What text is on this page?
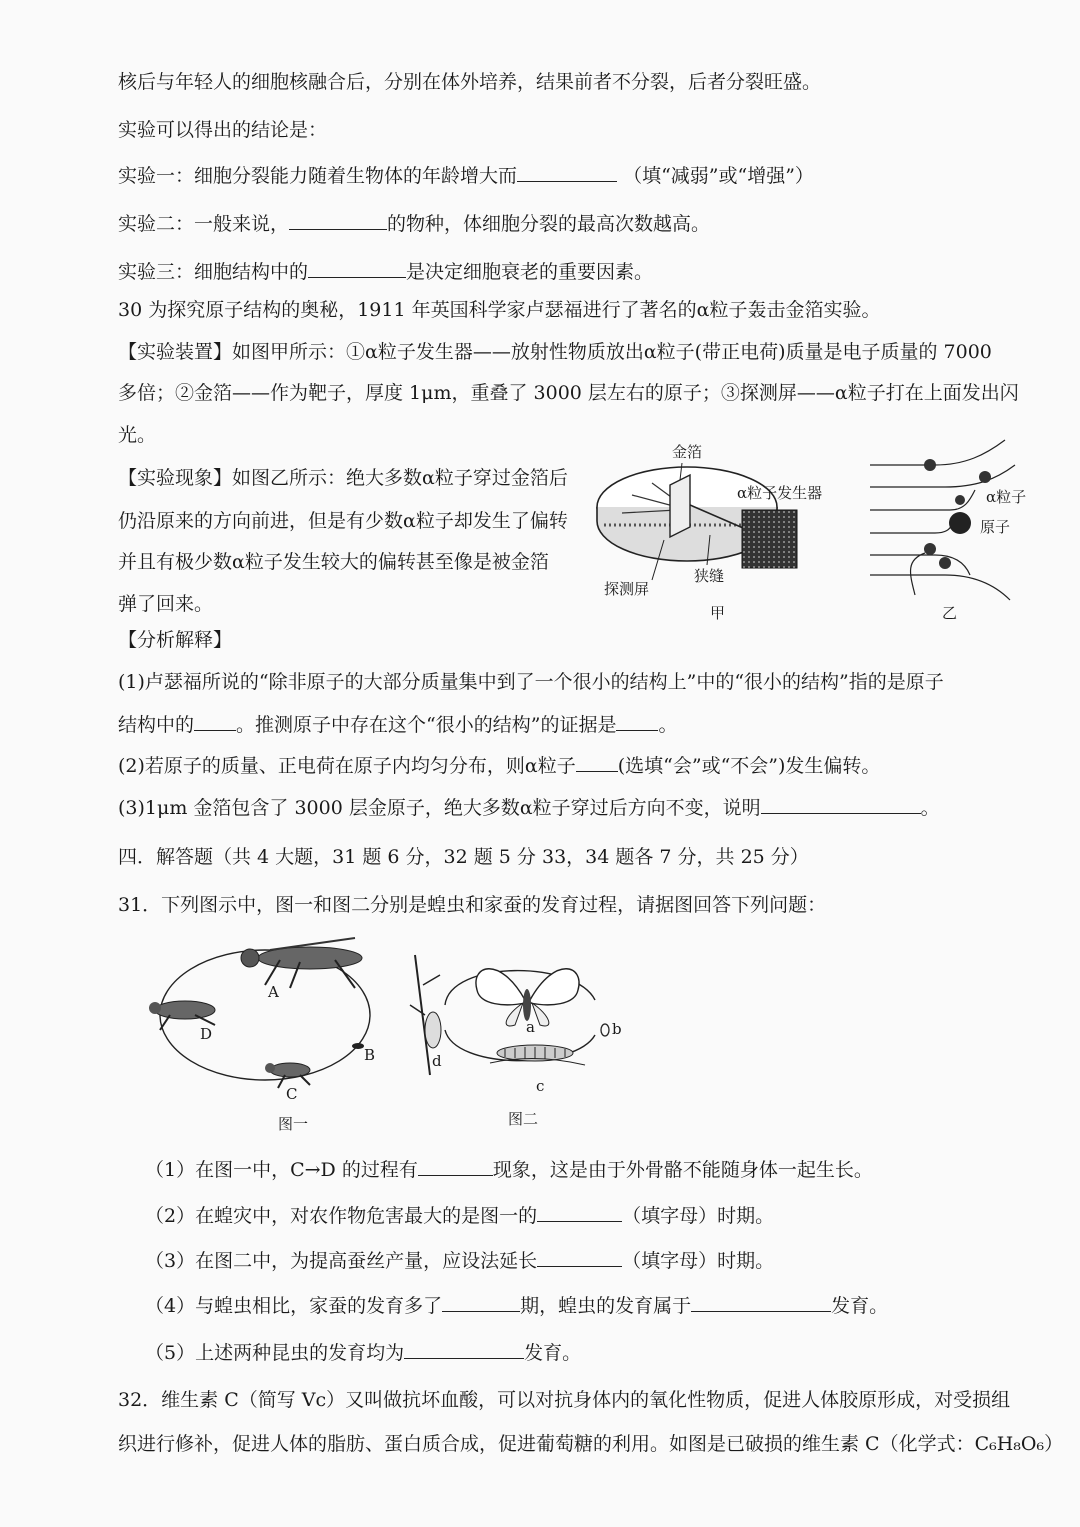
核后与年轻人的细胞核融合后，分别在体外培养，结果前者不分裂，后者分裂旺盛。
实验可以得出的结论是：
实验一：细胞分裂能力随着生物体的年龄增大而	（填“减弱”或“增强”）
实验二：一般来说，	的物种，体细胞分裂的最高次数越高。
实验三：细胞结构中的	是决定细胞衰老的重要因素。
30 为探究原子结构的奥秘，1911 年英国科学家卢瑟福进行了著名的α粒子轰击金箔实验。
【实验装置】如图甲所示：①α粒子发生器——放射性物质放出α粒子(带正电荷)质量是电子质量的 7000
多倍；②金箔——作为靶子，厚度 1μm，重叠了 3000 层左右的原子；③探测屏——α粒子打在上面发出闪
光。
【实验现象】如图乙所示：绝大多数α粒子穿过金箔后
仍沿原来的方向前进，但是有少数α粒子却发生了偏转
并且有极少数α粒子发生较大的偏转甚至像是被金箔
弹了回来。
金箔
α粒子发生器
探测屏
狭缝
甲
α粒子
原子
乙
【分析解释】
(1)卢瑟福所说的“除非原子的大部分质量集中到了一个很小的结构上”中的“很小的结构”指的是原子
结构中的 。推测原子中存在这个“很小的结构”的证据是 。
(2)若原子的质量、正电荷在原子内均匀分布，则α粒子 (选填“会”或“不会”)发生偏转。
(3)1μm 金箔包含了 3000 层金原子，绝大多数α粒子穿过后方向不变，说明	。
四．解答题（共 4 大题，31 题 6 分，32 题 5 分 33，34 题各 7 分，共 25 分）
31．下列图示中，图一和图二分别是蝗虫和家蚕的发育过程，请据图回答下列问题：
A
B
C
D
图一
a	b
c
d
图二
（1）在图一中，C→D 的过程有	现象，这是由于外骨骼不能随身体一起生长。
（2）在蝗灾中，对农作物危害最大的是图一的	（填字母）时期。
（3）在图二中，为提高蚕丝产量，应设法延长	（填字母）时期。
（4）与蝗虫相比，家蚕的发育多了	期，蝗虫的发育属于	发育。
（5）上述两种昆虫的发育均为	发育。
32．维生素 C（简写 Vc）又叫做抗坏血酸，可以对抗身体内的氧化性物质，促进人体胶原形成，对受损组
织进行修补，促进人体的脂肪、蛋白质合成，促进葡萄糖的利用。如图是已破损的维生素 C（化学式：C₆H₈O₆）
